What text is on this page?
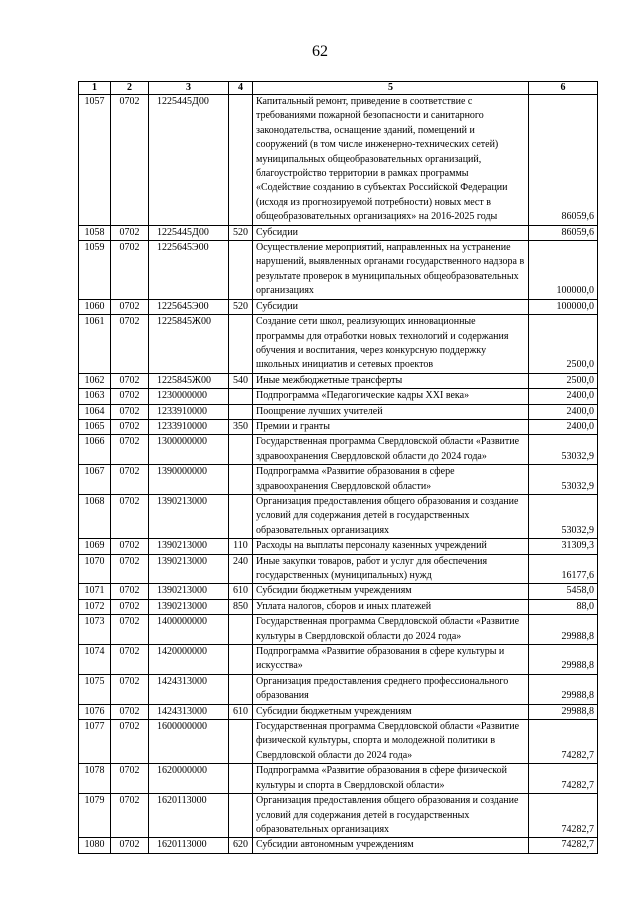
62
1	2	3	4	5	6
1057	0702	1225445Д00		Капитальный ремонт, приведение в соответствие с требованиями пожарной безопасности и санитарного законодательства, оснащение зданий, помещений и сооружений (в том числе инженерно-технических сетей) муниципальных общеобразовательных организаций, благоустройство территории в рамках программы «Содействие созданию в субъектах Российской Федерации (исходя из прогнозируемой потребности) новых мест в общеобразовательных организациях» на 2016-2025 годы	86059,6
1058	0702	1225445Д00	520	Субсидии	86059,6
1059	0702	1225645Э00		Осуществление мероприятий, направленных на устранение нарушений, выявленных органами государственного надзора в результате проверок в муниципальных общеобразовательных организациях	100000,0
1060	0702	1225645Э00	520	Субсидии	100000,0
1061	0702	1225845Ж00		Создание сети школ, реализующих инновационные программы для отработки новых технологий и содержания обучения и воспитания, через конкурсную поддержку школьных инициатив и сетевых проектов	2500,0
1062	0702	1225845Ж00	540	Иные межбюджетные трансферты	2500,0
1063	0702	1230000000		Подпрограмма «Педагогические кадры XXI века»	2400,0
1064	0702	1233910000		Поощрение лучших учителей	2400,0
1065	0702	1233910000	350	Премии и гранты	2400,0
1066	0702	1300000000		Государственная программа Свердловской области «Развитие здравоохранения Свердловской области до 2024 года»	53032,9
1067	0702	1390000000		Подпрограмма «Развитие образования в сфере здравоохранения Свердловской области»	53032,9
1068	0702	1390213000		Организация предоставления общего образования и создание условий для содержания детей в государственных образовательных организациях	53032,9
1069	0702	1390213000	110	Расходы на выплаты персоналу казенных учреждений	31309,3
1070	0702	1390213000	240	Иные закупки товаров, работ и услуг для обеспечения государственных (муниципальных) нужд	16177,6
1071	0702	1390213000	610	Субсидии бюджетным учреждениям	5458,0
1072	0702	1390213000	850	Уплата налогов, сборов и иных платежей	88,0
1073	0702	1400000000		Государственная программа Свердловской области «Развитие культуры в Свердловской области до 2024 года»	29988,8
1074	0702	1420000000		Подпрограмма «Развитие образования в сфере культуры и искусства»	29988,8
1075	0702	1424313000		Организация предоставления среднего профессионального образования	29988,8
1076	0702	1424313000	610	Субсидии бюджетным учреждениям	29988,8
1077	0702	1600000000		Государственная программа Свердловской области «Развитие физической культуры, спорта и молодежной политики в Свердловской области до 2024 года»	74282,7
1078	0702	1620000000		Подпрограмма «Развитие образования в сфере физической культуры и спорта в Свердловской области»	74282,7
1079	0702	1620113000		Организация предоставления общего образования и создание условий для содержания детей в государственных образовательных организациях	74282,7
1080	0702	1620113000	620	Субсидии автономным учреждениям	74282,7
